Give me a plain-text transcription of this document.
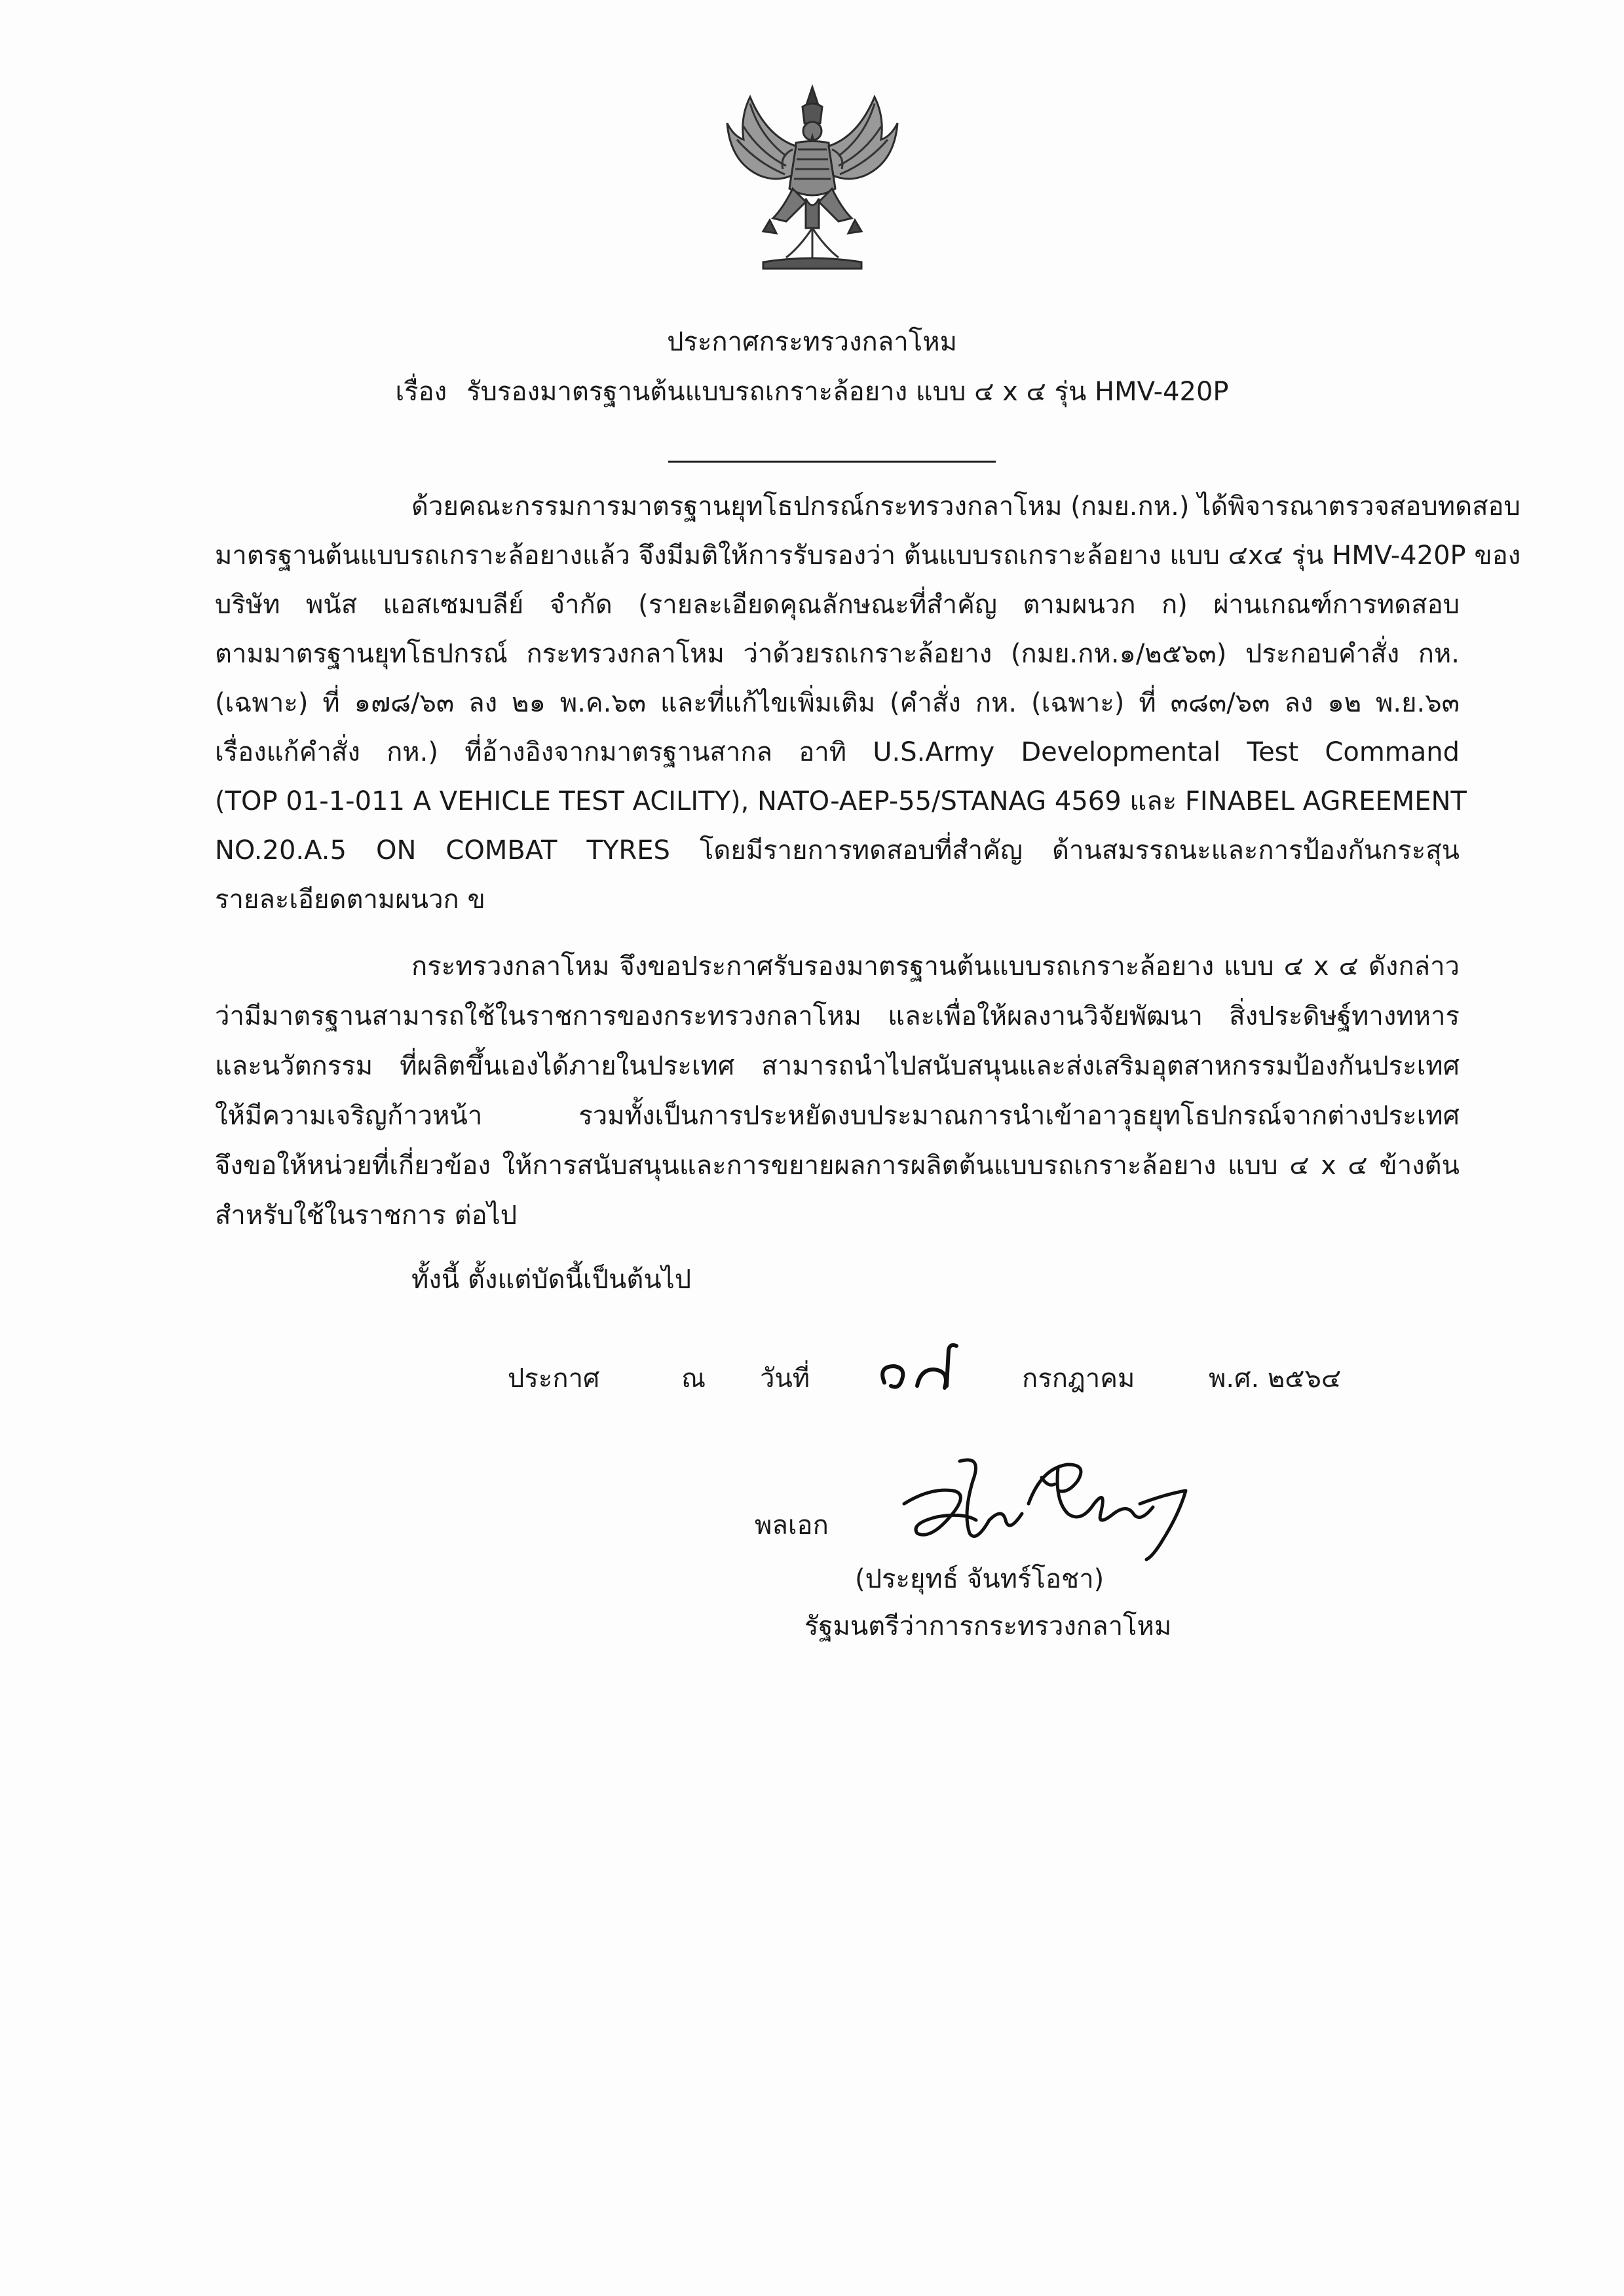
ประกาศกระทรวงกลาโหม
เรื่อง รับรองมาตรฐานต้นแบบรถเกราะล้อยาง แบบ ๔ x ๔ รุ่น HMV-420P
ด้วยคณะกรรมการมาตรฐานยุทโธปกรณ์กระทรวงกลาโหม (กมย.กห.) ได้พิจารณาตรวจสอบทดสอบ
มาตรฐานต้นแบบรถเกราะล้อยางแล้ว จึงมีมติให้การรับรองว่า ต้นแบบรถเกราะล้อยาง แบบ ๔x๔ รุ่น HMV-420P ของ
บริษัท พนัส แอสเซมบลีย์ จำกัด (รายละเอียดคุณลักษณะที่สำคัญ ตามผนวก ก) ผ่านเกณฑ์การทดสอบ
ตามมาตรฐานยุทโธปกรณ์ กระทรวงกลาโหม ว่าด้วยรถเกราะล้อยาง (กมย.กห.๑/๒๕๖๓) ประกอบคำสั่ง กห.
(เฉพาะ) ที่ ๑๗๘/๖๓ ลง ๒๑ พ.ค.๖๓ และที่แก้ไขเพิ่มเติม (คำสั่ง กห. (เฉพาะ) ที่ ๓๘๓/๖๓ ลง ๑๒ พ.ย.๖๓
เรื่องแก้คำสั่ง กห.) ที่อ้างอิงจากมาตรฐานสากล อาทิ U.S.Army Developmental Test Command
(TOP 01-1-011 A VEHICLE TEST ACILITY), NATO-AEP-55/STANAG 4569 และ FINABEL AGREEMENT
NO.20.A.5 ON COMBAT TYRES โดยมีรายการทดสอบที่สำคัญ ด้านสมรรถนะและการป้องกันกระสุน
รายละเอียดตามผนวก ข
กระทรวงกลาโหม จึงขอประกาศรับรองมาตรฐานต้นแบบรถเกราะล้อยาง แบบ ๔ x ๔ ดังกล่าว
ว่ามีมาตรฐานสามารถใช้ในราชการของกระทรวงกลาโหม และเพื่อให้ผลงานวิจัยพัฒนา สิ่งประดิษฐ์ทางทหาร
และนวัตกรรม ที่ผลิตขึ้นเองได้ภายในประเทศ สามารถนำไปสนับสนุนและส่งเสริมอุตสาหกรรมป้องกันประเทศ
ให้มีความเจริญก้าวหน้า รวมทั้งเป็นการประหยัดงบประมาณการนำเข้าอาวุธยุทโธปกรณ์จากต่างประเทศ
จึงขอให้หน่วยที่เกี่ยวข้อง ให้การสนับสนุนและการขยายผลการผลิตต้นแบบรถเกราะล้อยาง แบบ ๔ x ๔ ข้างต้น
สำหรับใช้ในราชการ ต่อไป
ทั้งนี้ ตั้งแต่บัดนี้เป็นต้นไป
ประกาศ	ณ วันที่	กรกฎาคม	พ.ศ. ๒๕๖๔
พลเอก
(ประยุทธ์ จันทร์โอชา)
รัฐมนตรีว่าการกระทรวงกลาโหม
